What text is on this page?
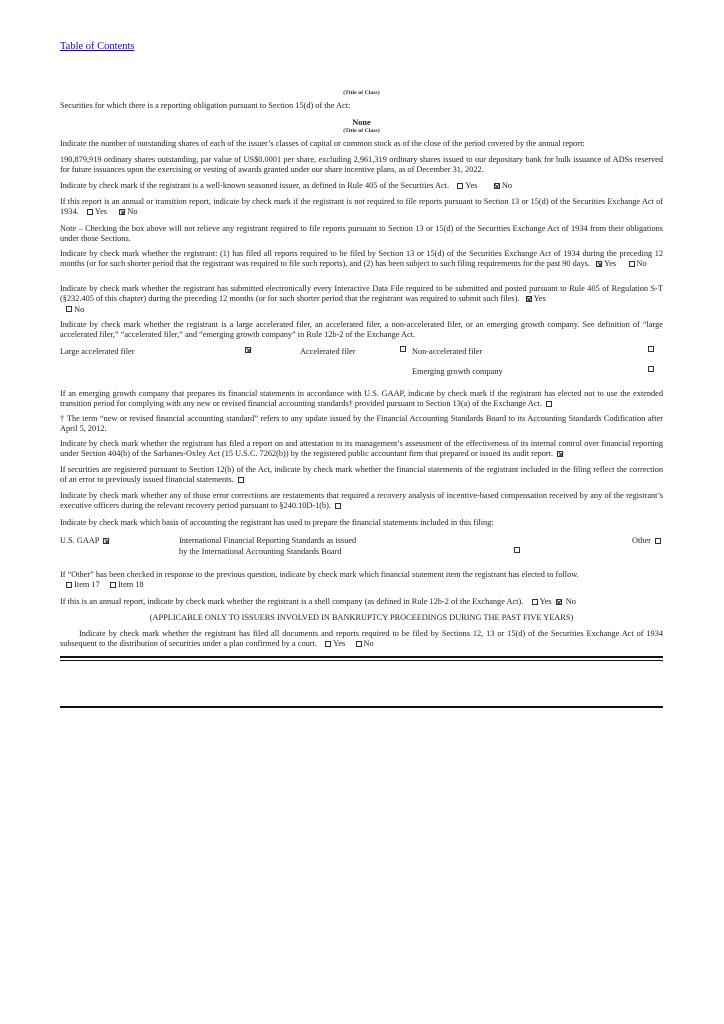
Table of Contents
(Title of Class)
Securities for which there is a reporting obligation pursuant to Section 15(d) of the Act:
None
(Title of Class)
Indicate the number of outstanding shares of each of the issuer’s classes of capital or common stock as of the close of the period covered by the annual report:
190,879,919 ordinary shares outstanding, par value of US$0.0001 per share, excluding 2,961,319 ordinary shares issued to our depositary bank for bulk issuance of ADSs reserved for future issuances upon the exercising or vesting of awards granted under our share incentive plans, as of December 31, 2022.
Indicate by check mark if the registrant is a well-known seasoned issuer, as defined in Rule 405 of the Securities Act. Yes	No
If this report is an annual or transition report, indicate by check mark if the registrant is not required to file reports pursuant to Section 13 or 15(d) of the Securities Exchange Act of 1934. Yes No
Note – Checking the box above will not relieve any registrant required to file reports pursuant to Section 13 or 15(d) of the Securities Exchange Act of 1934 from their obligations under those Sections.
Indicate by check mark whether the registrant: (1) has filed all reports required to be filed by Section 13 or 15(d) of the Securities Exchange Act of 1934 during the preceding 12 months (or for such shorter period that the registrant was required to file such reports), and (2) has been subject to such filing requirements for the past 90 days. Yes No
Indicate by check mark whether the registrant has submitted electronically every Interactive Data File required to be submitted and posted pursuant to Rule 405 of Regulation S-T (§232.405 of this chapter) during the preceding 12 months (or for such shorter period that the registrant was required to submit such files). Yes
No
Indicate by check mark whether the registrant is a large accelerated filer, an accelerated filer, a non-accelerated filer, or an emerging growth company. See definition of “large accelerated filer,” “accelerated filer,” and “emerging growth company” in Rule 12b-2 of the Exchange Act.
Large accelerated filer	Accelerated filer	Non-accelerated filer
Emerging growth company
If an emerging growth company that prepares its financial statements in accordance with U.S. GAAP, indicate by check mark if the registrant has elected not to use the extended transition period for complying with any new or revised financial accounting standards† provided pursuant to Section 13(a) of the Exchange Act.
† The term “new or revised financial accounting standard” refers to any update issued by the Financial Accounting Standards Board to its Accounting Standards Codification after April 5, 2012.
Indicate by check mark whether the registrant has filed a report on and attestation to its management’s assessment of the effectiveness of its internal control over financial reporting under Section 404(b) of the Sarbanes-Oxley Act (15 U.S.C. 7262(b)) by the registered public accountant firm that prepared or issued its audit report.
If securities are registered pursuant to Section 12(b) of the Act, indicate by check mark whether the financial statements of the registrant included in the filing reflect the correction of an error to previously issued financial statements.
Indicate by check mark whether any of those error corrections are restatements that required a recovery analysis of incentive-based compensation received by any of the registrant’s executive officers during the relevant recovery period pursuant to §240.10D-1(b).
Indicate by check mark which basis of accounting the registrant has used to prepare the financial statements included in this filing:
U.S. GAAP	International Financial Reporting Standards as issued
by the International Accounting Standards Board
Other
If “Other” has been checked in response to the previous question, indicate by check mark which financial statement item the registrant has elected to follow.
Item 17 Item 18
If this is an annual report, indicate by check mark whether the registrant is a shell company (as defined in Rule 12b-2 of the Exchange Act). Yes No
(APPLICABLE ONLY TO ISSUERS INVOLVED IN BANKRUPTCY PROCEEDINGS DURING THE PAST FIVE YEARS)
Indicate by check mark whether the registrant has filed all documents and reports required to be filed by Sections 12, 13 or 15(d) of the Securities Exchange Act of 1934 subsequent to the distribution of securities under a plan confirmed by a court. Yes No
